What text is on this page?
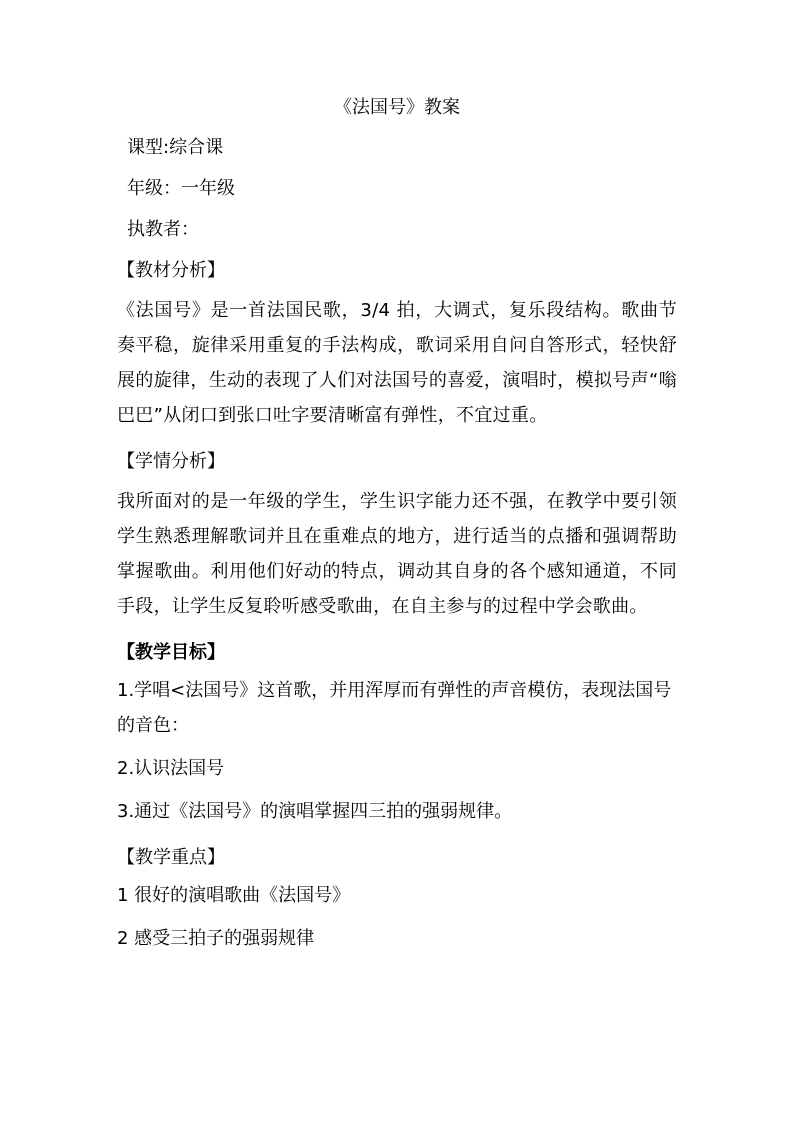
《法国号》教案
课型:综合课
年级：一年级
执教者：
【教材分析】
《法国号》是一首法国民歌，3/4 拍，大调式，复乐段结构。歌曲节奏平稳，旋律采用重复的手法构成，歌词采用自问自答形式，轻快舒展的旋律，生动的表现了人们对法国号的喜爱，演唱时，模拟号声“嗡巴巴”从闭口到张口吐字要清晰富有弹性，不宜过重。
【学情分析】
我所面对的是一年级的学生，学生识字能力还不强，在教学中要引领学生熟悉理解歌词并且在重难点的地方，进行适当的点播和强调帮助掌握歌曲。利用他们好动的特点，调动其自身的各个感知通道，不同手段，让学生反复聆听感受歌曲，在自主参与的过程中学会歌曲。
【教学目标】
1.学唱<法国号》这首歌，并用浑厚而有弹性的声音模仿，表现法国号的音色：
2.认识法国号
3.通过《法国号》的演唱掌握四三拍的强弱规律。
【教学重点】
1 很好的演唱歌曲《法国号》
2 感受三拍子的强弱规律
